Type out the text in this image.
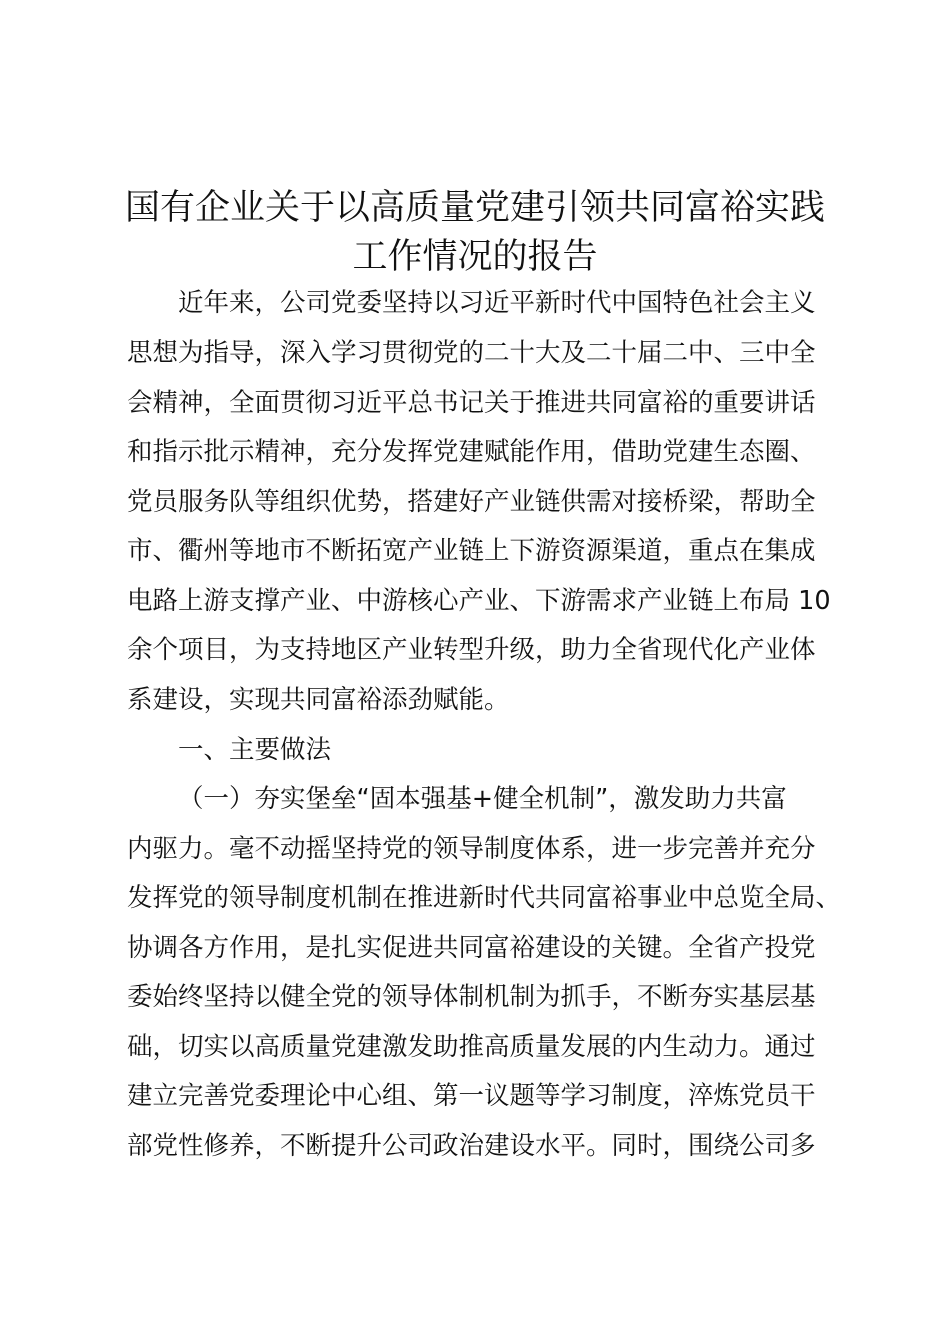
国有企业关于以高质量党建引领共同富裕实践
工作情况的报告

近年来，公司党委坚持以习近平新时代中国特色社会主义

思想为指导，深入学习贯彻党的二十大及二十届二中、三中全

会精神，全面贯彻习近平总书记关于推进共同富裕的重要讲话

和指示批示精神，充分发挥党建赋能作用，借助党建生态圈、

党员服务队等组织优势，搭建好产业链供需对接桥梁，帮助全

市、衢州等地市不断拓宽产业链上下游资源渠道，重点在集成

电路上游支撑产业、中游核心产业、下游需求产业链上布局 10

余个项目，为支持地区产业转型升级，助力全省现代化产业体

系建设，实现共同富裕添劲赋能。

一、主要做法

（一）夯实堡垒“固本强基+健全机制”，激发助力共富

内驱力。毫不动摇坚持党的领导制度体系，进一步完善并充分

发挥党的领导制度机制在推进新时代共同富裕事业中总览全局、

协调各方作用，是扎实促进共同富裕建设的关键。全省产投党

委始终坚持以健全党的领导体制机制为抓手，不断夯实基层基

础，切实以高质量党建激发助推高质量发展的内生动力。通过

建立完善党委理论中心组、第一议题等学习制度，淬炼党员干

部党性修养，不断提升公司政治建设水平。同时，围绕公司多
